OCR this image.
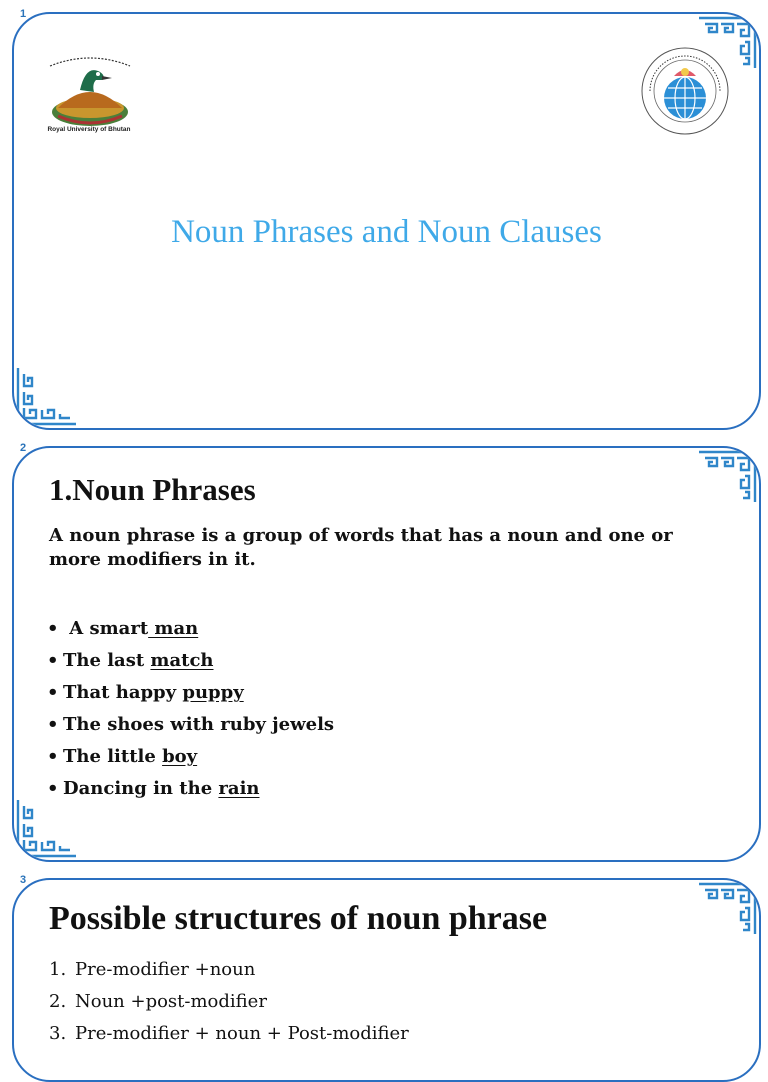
1
Royal University of Bhutan
Noun Phrases and Noun Clauses
2
1.Noun Phrases
A noun phrase is a group of words that has a noun and one or more modifiers in it.
• A smart man
• The last match
• That happy puppy
• The shoes with ruby jewels
• The little boy
• Dancing in the rain
3
Possible structures of noun phrase
1. Pre-modifier +noun
2. Noun +post-modifier
3. Pre-modifier + noun + Post-modifier
